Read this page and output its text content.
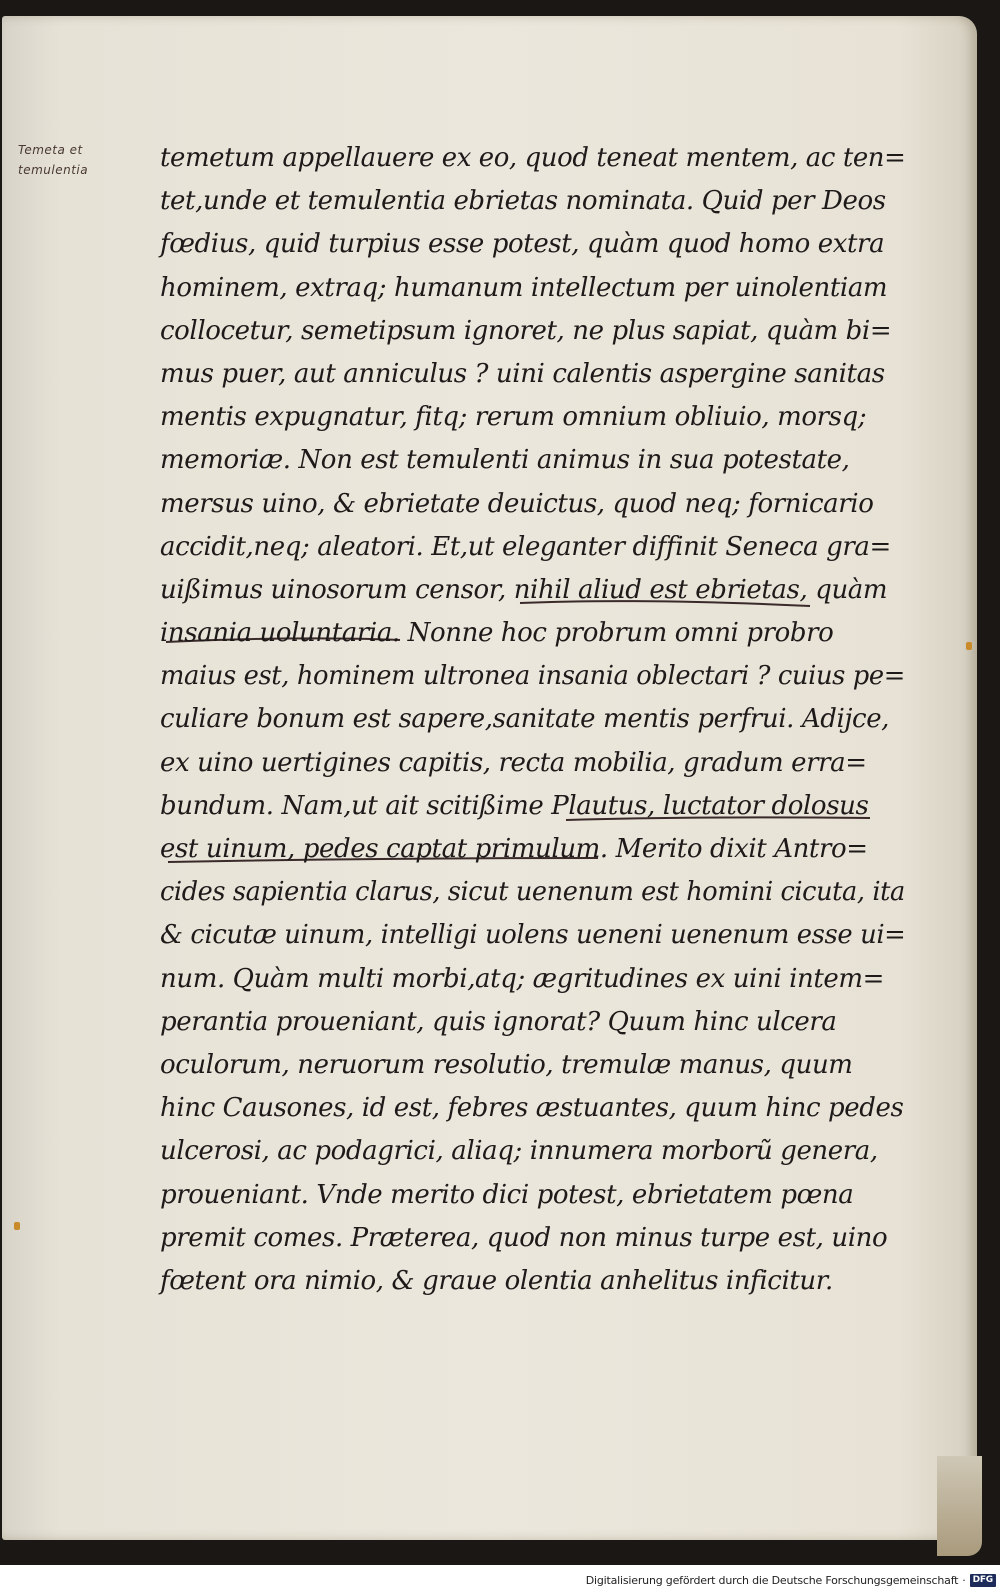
Temeta et
temulentia	temetum appellauere ex eo, quod teneat mentem, ac ten=
tet,unde et temulentia ebrietas nominata. Quid per Deos
fœdius, quid turpius esse potest, quàm quod homo extra
hominem, extraq; humanum intellectum per uinolentiam
collocetur, semetipsum ignoret, ne plus sapiat, quàm bi=
mus puer, aut anniculus ? uini calentis aspergine sanitas
mentis expugnatur, fitq; rerum omnium obliuio, morsq;
memoriæ. Non est temulenti animus in sua potestate,
mersus uino, & ebrietate deuictus, quod neq; fornicario
accidit,neq; aleatori. Et,ut eleganter diffinit Seneca gra=
uißimus uinosorum censor, nihil aliud est ebrietas, quàm
insania uoluntaria. Nonne hoc probrum omni probro
maius est, hominem ultronea insania oblectari ? cuius pe=
culiare bonum est sapere,sanitate mentis perfrui. Adijce,
ex uino uertigines capitis, recta mobilia, gradum erra=
bundum. Nam,ut ait scitißime Plautus, luctator dolosus
est uinum, pedes captat primulum. Merito dixit Antro=
cides sapientia clarus, sicut uenenum est homini cicuta, ita
& cicutæ uinum, intelligi uolens ueneni uenenum esse ui=
num. Quàm multi morbi,atq; ægritudines ex uini intem=
perantia proueniant, quis ignorat? Quum hinc ulcera
oculorum, neruorum resolutio, tremulæ manus, quum
hinc Causones, id est, febres æstuantes, quum hinc pedes
ulcerosi, ac podagrici, aliaq; innumera morborũ genera,
proueniant. Vnde merito dici potest, ebrietatem pœna
premit comes. Præterea, quod non minus turpe est, uino
fœtent ora nimio, & graue olentia anhelitus inficitur.
Digitalisierung gefördert durch die Deutsche Forschungsgemeinschaft · DFG
